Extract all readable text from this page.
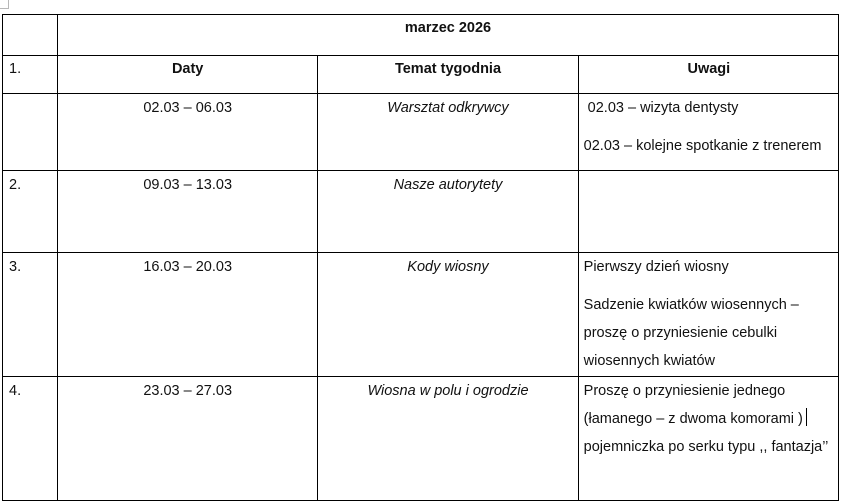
	marzec 2026		
1.	Daty	Temat tygodnia	Uwagi
	02.03 – 06.03	Warsztat odkrywcy	02.03 – wizyta dentysty
02.03 – kolejne spotkanie z trenerem

2.	09.03 – 13.03	Nasze autorytety	
3.	16.03 – 20.03	Kody wiosny	Pierwszy dzień wiosny
Sadzenie kwiatków wiosennych –
proszę o przyniesienie cebulki
wiosennych kwiatów

4.	23.03 – 27.03	Wiosna w polu i ogrodzie	Proszę o przyniesienie jednego
(łamanego – z dwoma komorami )
pojemniczka po serku typu ,, fantazja’’
